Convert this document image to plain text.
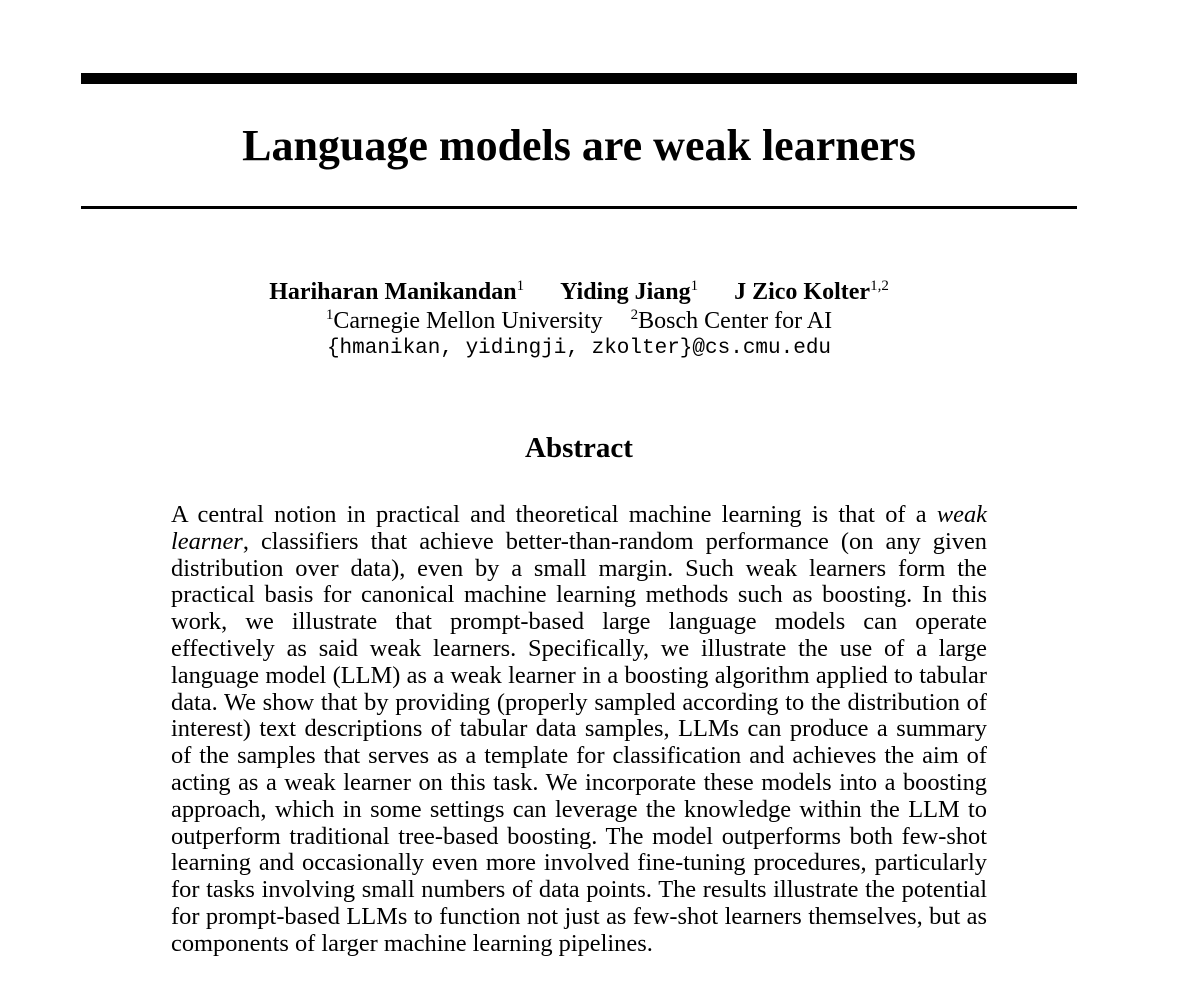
Language models are weak learners
Hariharan Manikandan$^1$ Yiding Jiang$^1$ J Zico Kolter$^{1,2}$
$^1$Carnegie Mellon University $^2$Bosch Center for AI
{hmanikan, yidingji, zkolter}@cs.cmu.edu
Abstract

A central notion in practical and theoretical machine learning is that of a weak learner, classifiers that achieve better-than-random performance (on any given distribution over data), even by a small margin. Such weak learners form the practical basis for canonical machine learning methods such as boosting. In this work, we illustrate that prompt-based large language models can operate effectively as said weak learners. Specifically, we illustrate the use of a large language model (LLM) as a weak learner in a boosting algorithm applied to tabular data. We show that by providing (properly sampled according to the distribution of interest) text descriptions of tabular data samples, LLMs can produce a summary of the samples that serves as a template for classification and achieves the aim of acting as a weak learner on this task. We incorporate these models into a boosting approach, which in some settings can leverage the knowledge within the LLM to outperform traditional tree-based boosting. The model outperforms both few-shot learning and occasionally even more involved fine-tuning procedures, particularly for tasks involving small numbers of data points. The results illustrate the potential for prompt-based LLMs to function not just as few-shot learners themselves, but as components of larger machine learning pipelines.
